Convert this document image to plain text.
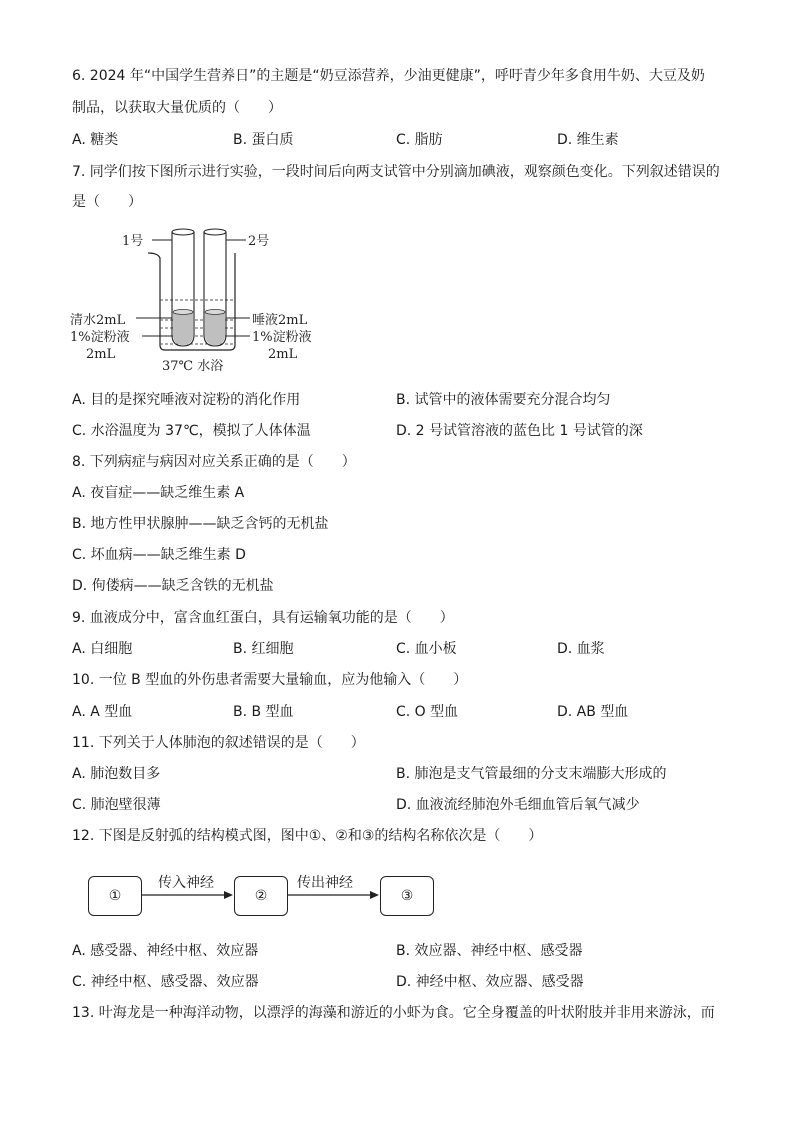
6. 2024 年“中国学生营养日”的主题是“奶豆添营养，少油更健康”，呼吁青少年多食用牛奶、大豆及奶
制品，以获取大量优质的（　　）
A. 糖类	B. 蛋白质	C. 脂肪	D. 维生素
7. 同学们按下图所示进行实验，一段时间后向两支试管中分别滴加碘液，观察颜色变化。下列叙述错误的
是（　　）
1号	2号
清水2mL
1%淀粉液
2mL
唾液2mL
1%淀粉液
2mL
37℃ 水浴
A. 目的是探究唾液对淀粉的消化作用	B. 试管中的液体需要充分混合均匀
C. 水浴温度为 37℃，模拟了人体体温	D. 2 号试管溶液的蓝色比 1 号试管的深
8. 下列病症与病因对应关系正确的是（　　）
A. 夜盲症——缺乏维生素 A
B. 地方性甲状腺肿——缺乏含钙的无机盐
C. 坏血病——缺乏维生素 D
D. 佝偻病——缺乏含铁的无机盐
9. 血液成分中，富含血红蛋白，具有运输氧功能的是（　　）
A. 白细胞	B. 红细胞	C. 血小板	D. 血浆
10. 一位 B 型血的外伤患者需要大量输血，应为他输入（　　）
A. A 型血	B. B 型血	C. O 型血	D. AB 型血
11. 下列关于人体肺泡的叙述错误的是（　　）
A. 肺泡数目多	B. 肺泡是支气管最细的分支末端膨大形成的
C. 肺泡壁很薄	D. 血液流经肺泡外毛细血管后氧气减少
12. 下图是反射弧的结构模式图，图中①、②和③的结构名称依次是（　　）
①	②	③
传入神经	传出神经
A. 感受器、神经中枢、效应器	B. 效应器、神经中枢、感受器
C. 神经中枢、感受器、效应器	D. 神经中枢、效应器、感受器
13. 叶海龙是一种海洋动物，以漂浮的海藻和游近的小虾为食。它全身覆盖的叶状附肢并非用来游泳，而
